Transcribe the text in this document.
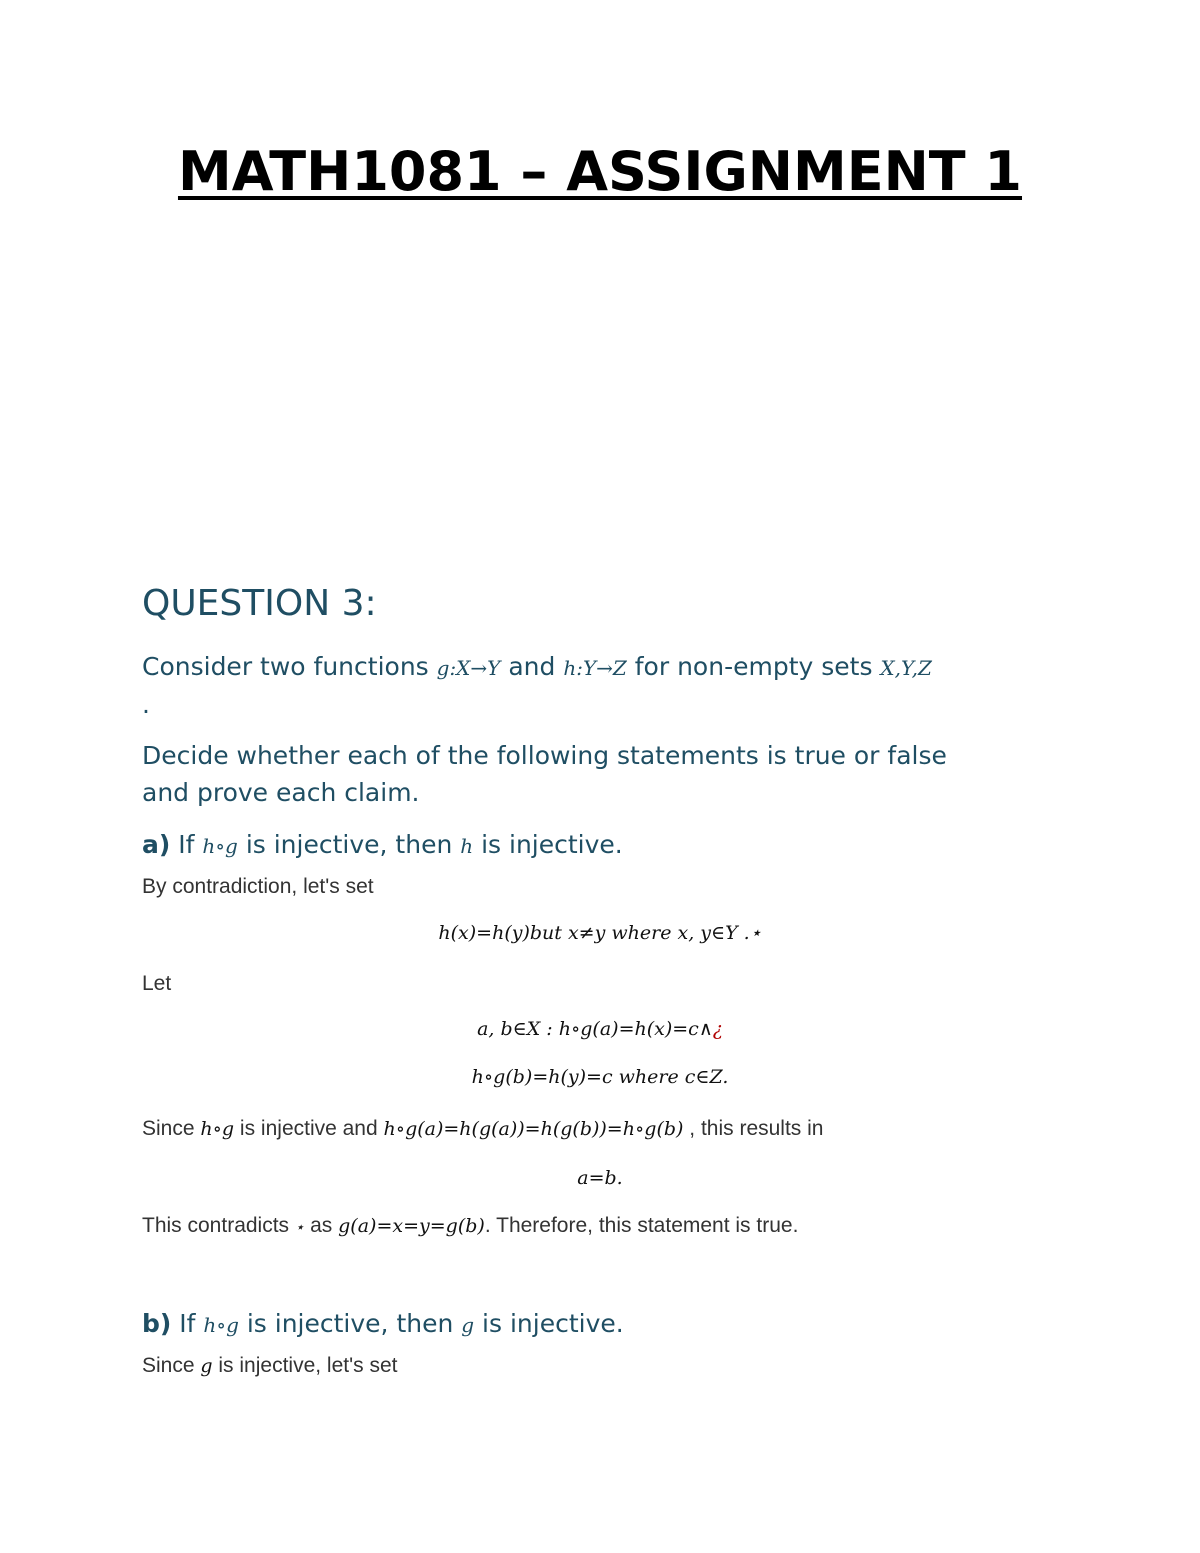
MATH1081 – ASSIGNMENT 1
QUESTION 3:
Consider two functions g:X→Y and h:Y→Z for non-empty sets X,Y,Z
.
Decide whether each of the following statements is true or false
and prove each claim.
a) If h∘g is injective, then h is injective.
By contradiction, let's set
h(x)=h(y)but x≠y where x, y∈Y .⋆
Let
a, b∈X : h∘g(a)=h(x)=c∧¿
h∘g(b)=h(y)=c where c∈Z.
Since h∘g is injective and h∘g(a)=h(g(a))=h(g(b))=h∘g(b) , this results in
a=b.
This contradicts ⋆ as g(a)=x=y=g(b). Therefore, this statement is true.
b) If h∘g is injective, then g is injective.
Since g is injective, let's set
